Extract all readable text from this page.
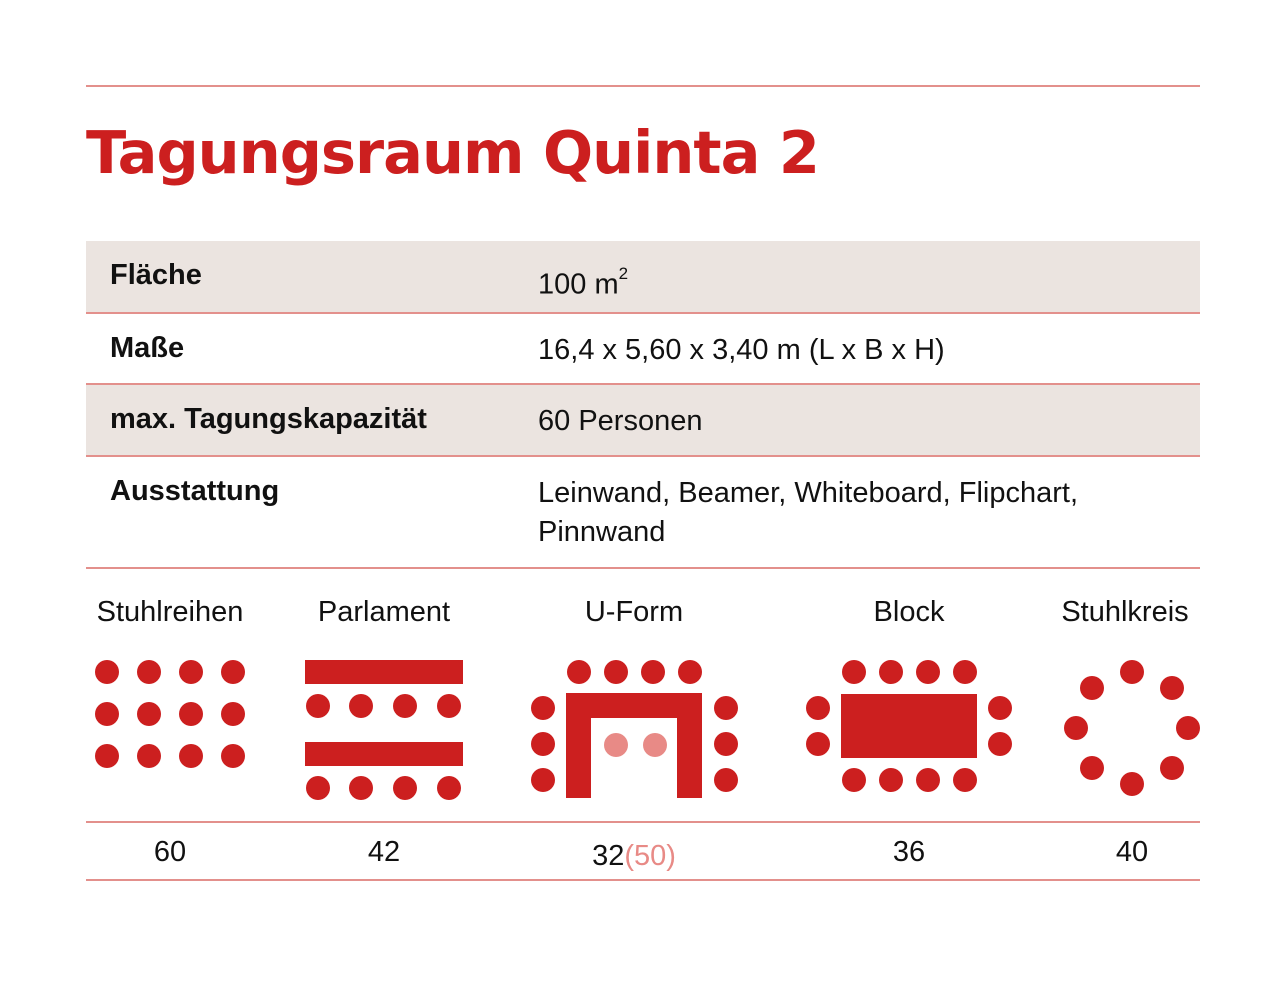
Tagungsraum Quinta 2
Fläche	100 $m^2$
Maße	16,4 x 5,60 x 3,40 m (L x B x H)
max. Tagungskapazität	60 Personen
Ausstattung	Leinwand, Beamer, Whiteboard, Flipchart, Pinnwand
Stuhlreihen	Parlament	U-Form	Block	Stuhlkreis
60	42	32(50)	36	40
